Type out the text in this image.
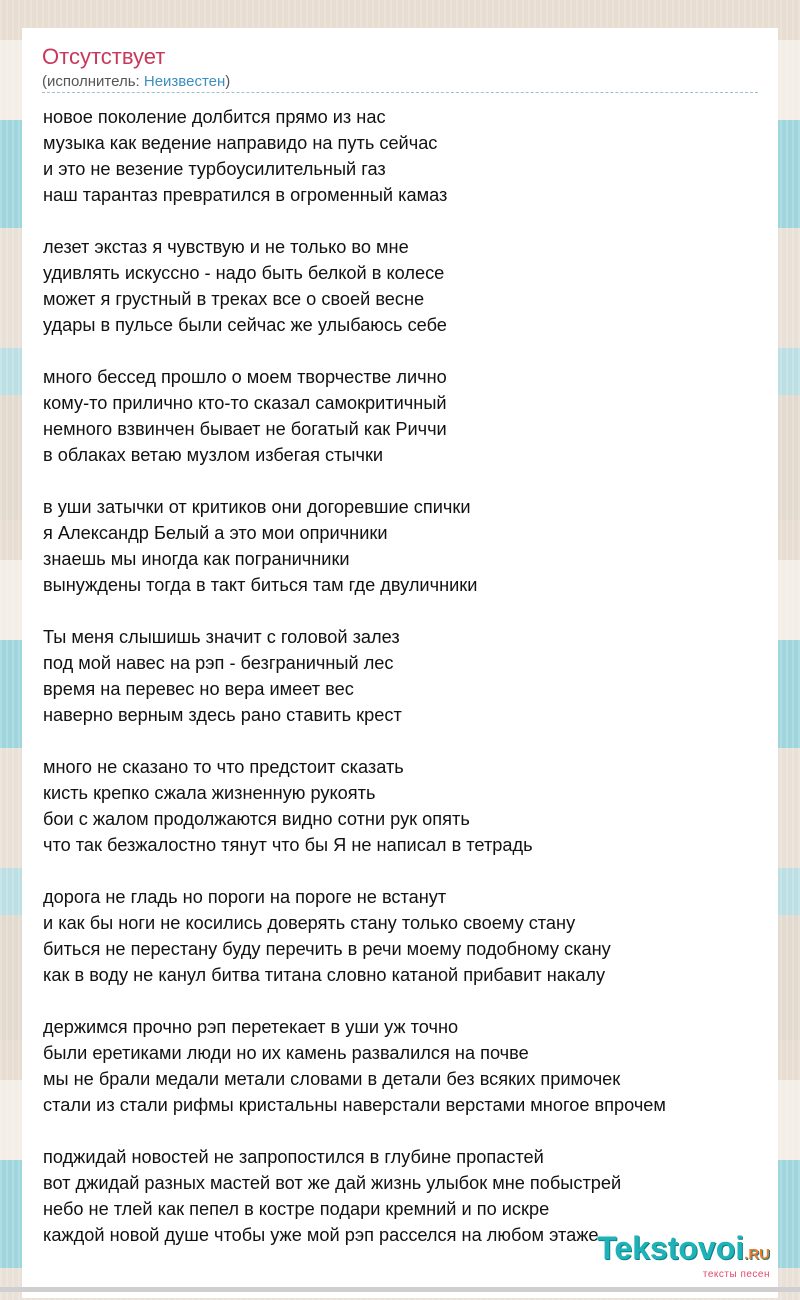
Отсутствует
(исполнитель: Неизвестен)
новое поколение долбится прямо из нас
музыка как ведение направидо на путь сейчас
и это не везение турбоусилительный газ
наш тарантаз превратился в огроменный камаз
лезет экстаз я чувствую и не только во мне
удивлять искуссно - надо быть белкой в колесе
может я грустный в треках все о своей весне
удары в пульсе были сейчас же улыбаюсь себе
много бессед прошло о моем творчестве лично
кому-то прилично кто-то сказал самокритичный
немного взвинчен бывает не богатый как Риччи
в облаках ветаю музлом избегая стычки
в уши затычки от критиков они догоревшие спички
я Александр Белый а это мои опричники
знаешь мы иногда как пограничники
вынуждены тогда в такт биться там где двуличники
Ты меня слышишь значит с головой залез
под мой навес на рэп - безграничный лес
время на перевес но вера имеет вес
наверно верным здесь рано ставить крест
много не сказано то что предстоит сказать
кисть крепко сжала жизненную рукоять
бои с жалом продолжаются видно сотни рук опять
что так безжалостно тянут что бы Я не написал в тетрадь
дорога не гладь но пороги на пороге не встанут
и как бы ноги не косились доверять стану только своему стану
биться не перестану буду перечить в речи моему подобному скану
как в воду не канул битва титана словно катаной прибавит накалу
держимся прочно рэп перетекает в уши уж точно
были еретиками люди но их камень развалился на почве
мы не брали медали метали словами в детали без всяких примочек
стали из стали рифмы кристальны наверстали верстами многое впрочем
поджидай новостей не запропостился в глубине пропастей
вот джидай разных мастей вот же дай жизнь улыбок мне побыстрей
небо не тлей как пепел в костре подари кремний и по искре
каждой новой душе чтобы уже мой рэп расселся на любом этаже
Tekstovoi.RU
тексты песен
